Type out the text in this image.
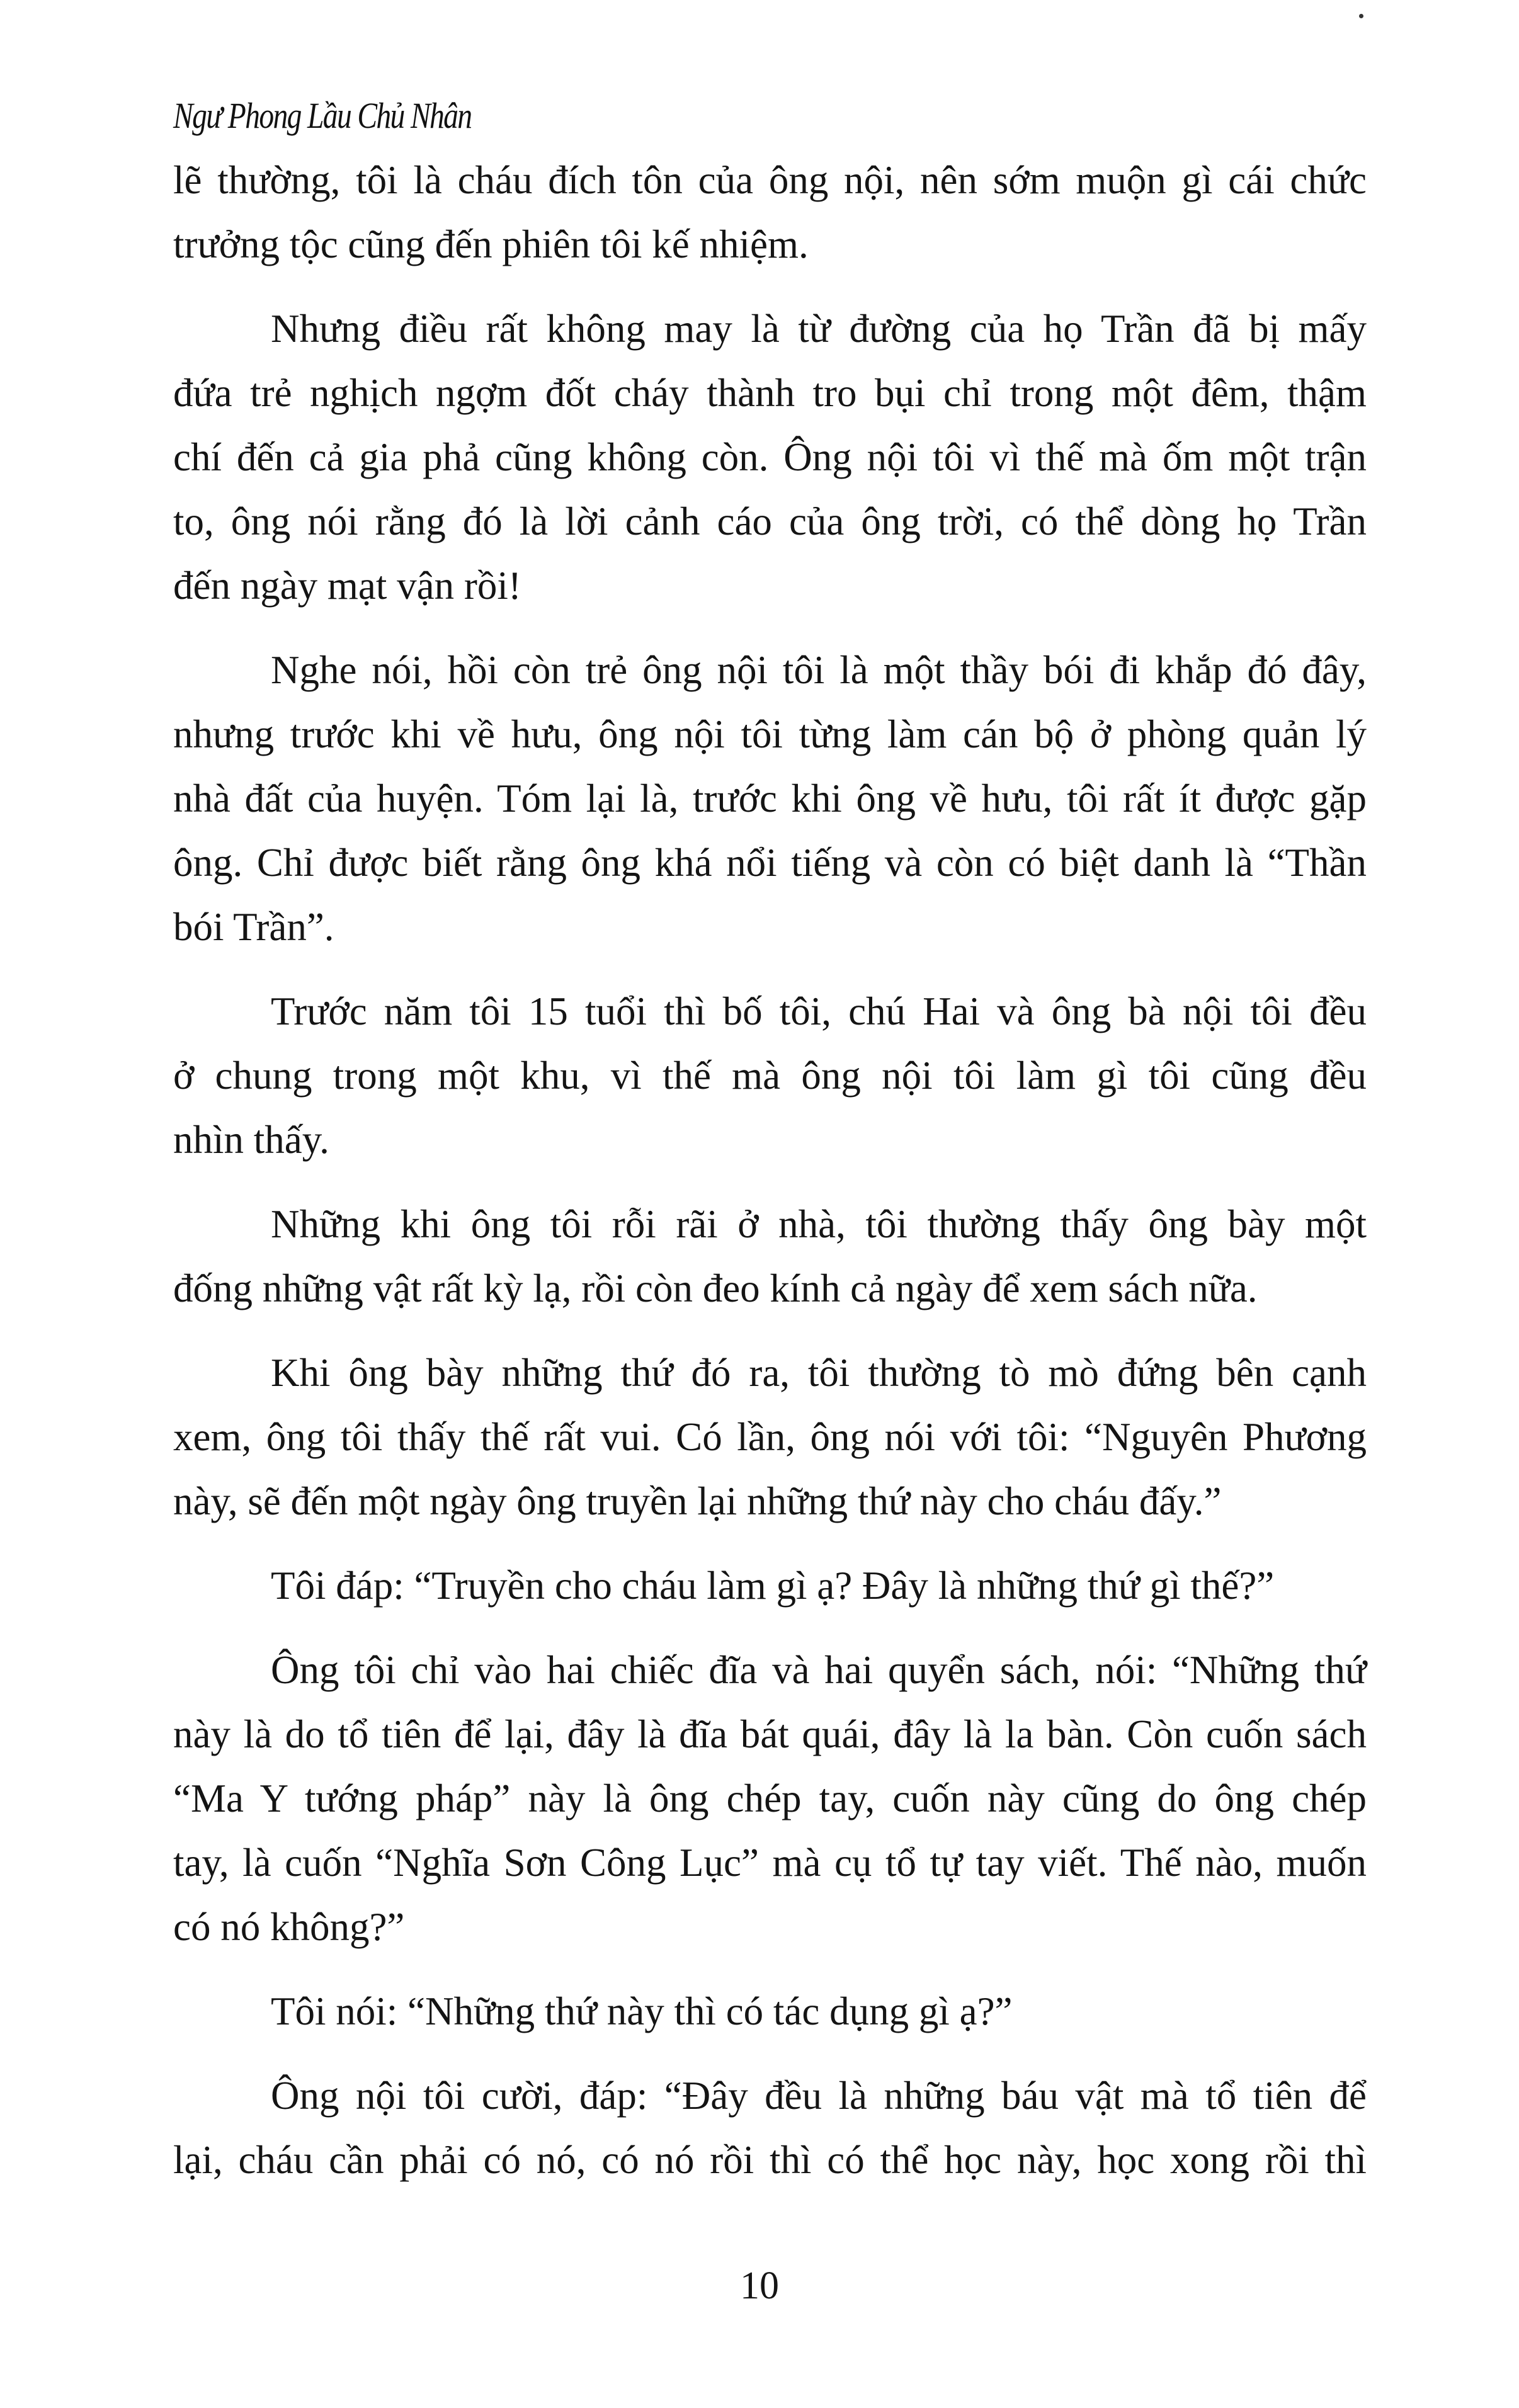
Ngư Phong Lầu Chủ Nhân
lẽ thường, tôi là cháu đích tôn của ông nội, nên sớm muộn gì cái chức
trưởng tộc cũng đến phiên tôi kế nhiệm.
Nhưng điều rất không may là từ đường của họ Trần đã bị mấy
đứa trẻ nghịch ngợm đốt cháy thành tro bụi chỉ trong một đêm, thậm
chí đến cả gia phả cũng không còn. Ông nội tôi vì thế mà ốm một trận
to, ông nói rằng đó là lời cảnh cáo của ông trời, có thể dòng họ Trần
đến ngày mạt vận rồi!
Nghe nói, hồi còn trẻ ông nội tôi là một thầy bói đi khắp đó đây,
nhưng trước khi về hưu, ông nội tôi từng làm cán bộ ở phòng quản lý
nhà đất của huyện. Tóm lại là, trước khi ông về hưu, tôi rất ít được gặp
ông. Chỉ được biết rằng ông khá nổi tiếng và còn có biệt danh là “Thần
bói Trần”.
Trước năm tôi 15 tuổi thì bố tôi, chú Hai và ông bà nội tôi đều
ở chung trong một khu, vì thế mà ông nội tôi làm gì tôi cũng đều
nhìn thấy.
Những khi ông tôi rỗi rãi ở nhà, tôi thường thấy ông bày một
đống những vật rất kỳ lạ, rồi còn đeo kính cả ngày để xem sách nữa.
Khi ông bày những thứ đó ra, tôi thường tò mò đứng bên cạnh
xem, ông tôi thấy thế rất vui. Có lần, ông nói với tôi: “Nguyên Phương
này, sẽ đến một ngày ông truyền lại những thứ này cho cháu đấy.”
Tôi đáp: “Truyền cho cháu làm gì ạ? Đây là những thứ gì thế?”
Ông tôi chỉ vào hai chiếc đĩa và hai quyển sách, nói: “Những thứ
này là do tổ tiên để lại, đây là đĩa bát quái, đây là la bàn. Còn cuốn sách
“Ma Y tướng pháp” này là ông chép tay, cuốn này cũng do ông chép
tay, là cuốn “Nghĩa Sơn Công Lục” mà cụ tổ tự tay viết. Thế nào, muốn
có nó không?”
Tôi nói: “Những thứ này thì có tác dụng gì ạ?”
Ông nội tôi cười, đáp: “Đây đều là những báu vật mà tổ tiên để
lại, cháu cần phải có nó, có nó rồi thì có thể học này, học xong rồi thì
10
